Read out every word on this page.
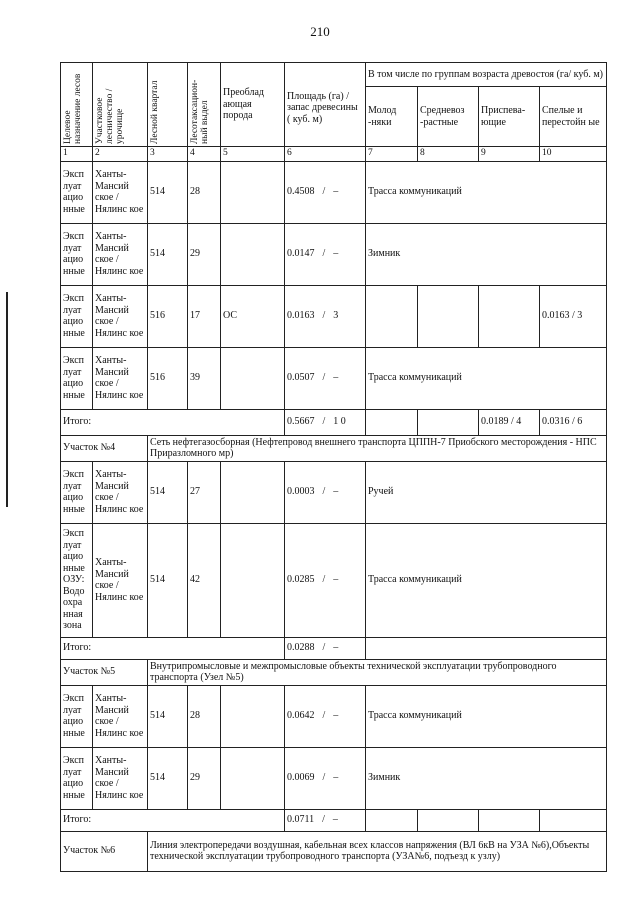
210
Целевое назначение лесов	Участковое лесничество / урочище	Лесной квартал	Лесотаксацион-ный выдел	Преоблад ающая порода	Площадь (га) / запас древесины ( куб. м)	В том числе по группам возраста древостоя (га/ куб. м)			
						Молод -няки	Средневоз -растные	Приспева-ющие	Спелые и перестойн ые
1	2	3	4	5	6	7	8	9	10
Эксп луат ацио нные	Ханты-Мансий ское / Нялинс кое	514	28		0.4508 / –	Трасса коммуникаций			
Эксп луат ацио нные	Ханты-Мансий ское / Нялинс кое	514	29		0.0147 / –	Зимник			
Эксп луат ацио нные	Ханты-Мансий ское / Нялинс кое	516	17	ОС	0.0163 / 3				0.0163 / 3
Эксп луат ацио нные	Ханты-Мансий ское / Нялинс кое	516	39		0.0507 / –	Трасса коммуникаций			
Итого:					0.5667 / 1 0			0.0189 / 4	0.0316 / 6
Участок №4		Сеть нефтегазосборная (Нефтепровод внешнего транспорта ЦППН-7 Приобского месторождения - НПС Приразломного мр)							
Эксп луат ацио нные	Ханты-Мансий ское / Нялинс кое	514	27		0.0003 / –	Ручей			
Эксп луат ацио нные ОЗУ: Водо охра нная зона	Ханты-Мансий ское / Нялинс кое	514	42		0.0285 / –	Трасса коммуникаций			
Итого:					0.0288 / –				
Участок №5		Внутрипромысловые и межпромысловые объекты технической эксплуатации трубопроводного транспорта (Узел №5)							
Эксп луат ацио нные	Ханты-Мансий ское / Нялинс кое	514	28		0.0642 / –	Трасса коммуникаций			
Эксп луат ацио нные	Ханты-Мансий ское / Нялинс кое	514	29		0.0069 / –	Зимник			
Итого:					0.0711 / –				
Участок №6		Линия электропередачи воздушная, кабельная всех классов напряжения (ВЛ 6кВ на УЗА №6),Объекты технической эксплуатации трубопроводного транспорта (УЗА№6, подъезд к узлу)							
